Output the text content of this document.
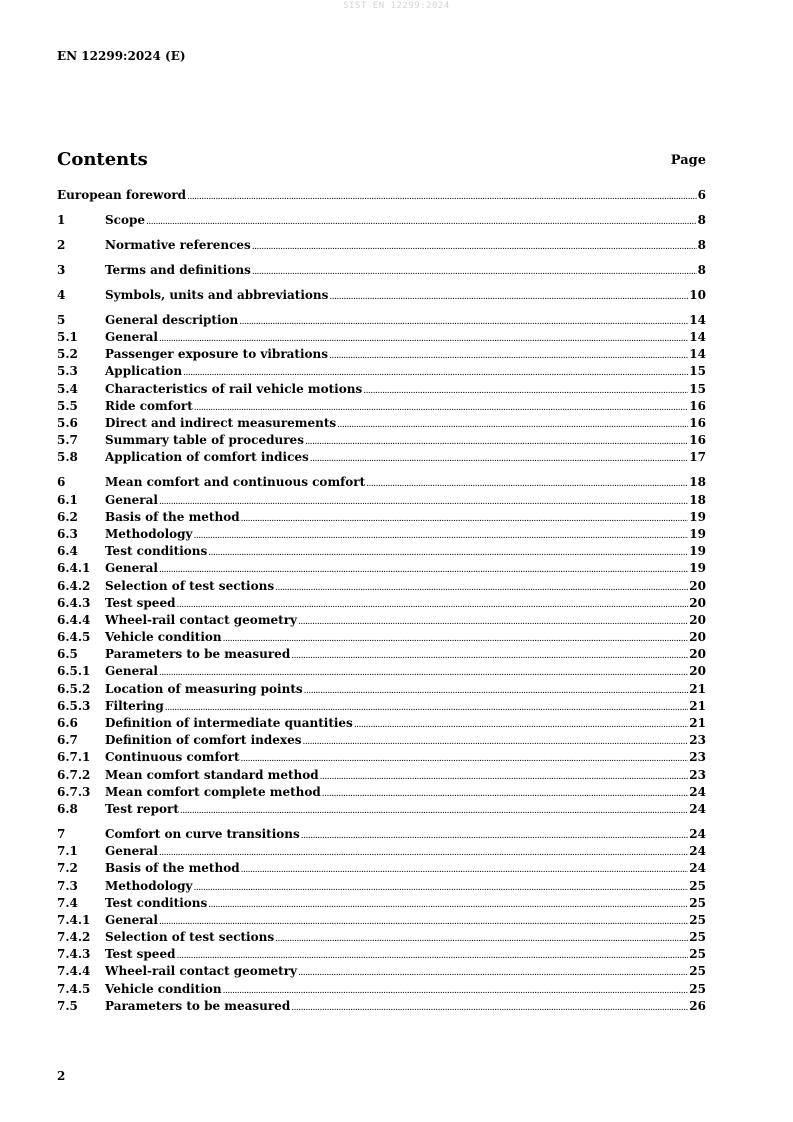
SIST EN 12299:2024
EN 12299:2024 (E)
Contents	Page
European foreword .....	6
1	Scope .....	8
2	Normative references .....	8
3	Terms and definitions .....	8
4	Symbols, units and abbreviations .....	10
5	General description .....	14
5.1	General .....	14
5.2	Passenger exposure to vibrations .....	14
5.3	Application .....	15
5.4	Characteristics of rail vehicle motions .....	15
5.5	Ride comfort .....	16
5.6	Direct and indirect measurements .....	16
5.7	Summary table of procedures .....	16
5.8	Application of comfort indices .....	17
6	Mean comfort and continuous comfort .....	18
6.1	General .....	18
6.2	Basis of the method .....	19
6.3	Methodology .....	19
6.4	Test conditions .....	19
6.4.1	General .....	19
6.4.2	Selection of test sections .....	20
6.4.3	Test speed .....	20
6.4.4	Wheel-rail contact geometry .....	20
6.4.5	Vehicle condition .....	20
6.5	Parameters to be measured .....	20
6.5.1	General .....	20
6.5.2	Location of measuring points .....	21
6.5.3	Filtering .....	21
6.6	Definition of intermediate quantities .....	21
6.7	Definition of comfort indexes .....	23
6.7.1	Continuous comfort .....	23
6.7.2	Mean comfort standard method .....	23
6.7.3	Mean comfort complete method .....	24
6.8	Test report .....	24
7	Comfort on curve transitions .....	24
7.1	General .....	24
7.2	Basis of the method .....	24
7.3	Methodology .....	25
7.4	Test conditions .....	25
7.4.1	General .....	25
7.4.2	Selection of test sections .....	25
7.4.3	Test speed .....	25
7.4.4	Wheel-rail contact geometry .....	25
7.4.5	Vehicle condition .....	25
7.5	Parameters to be measured .....	26
2
